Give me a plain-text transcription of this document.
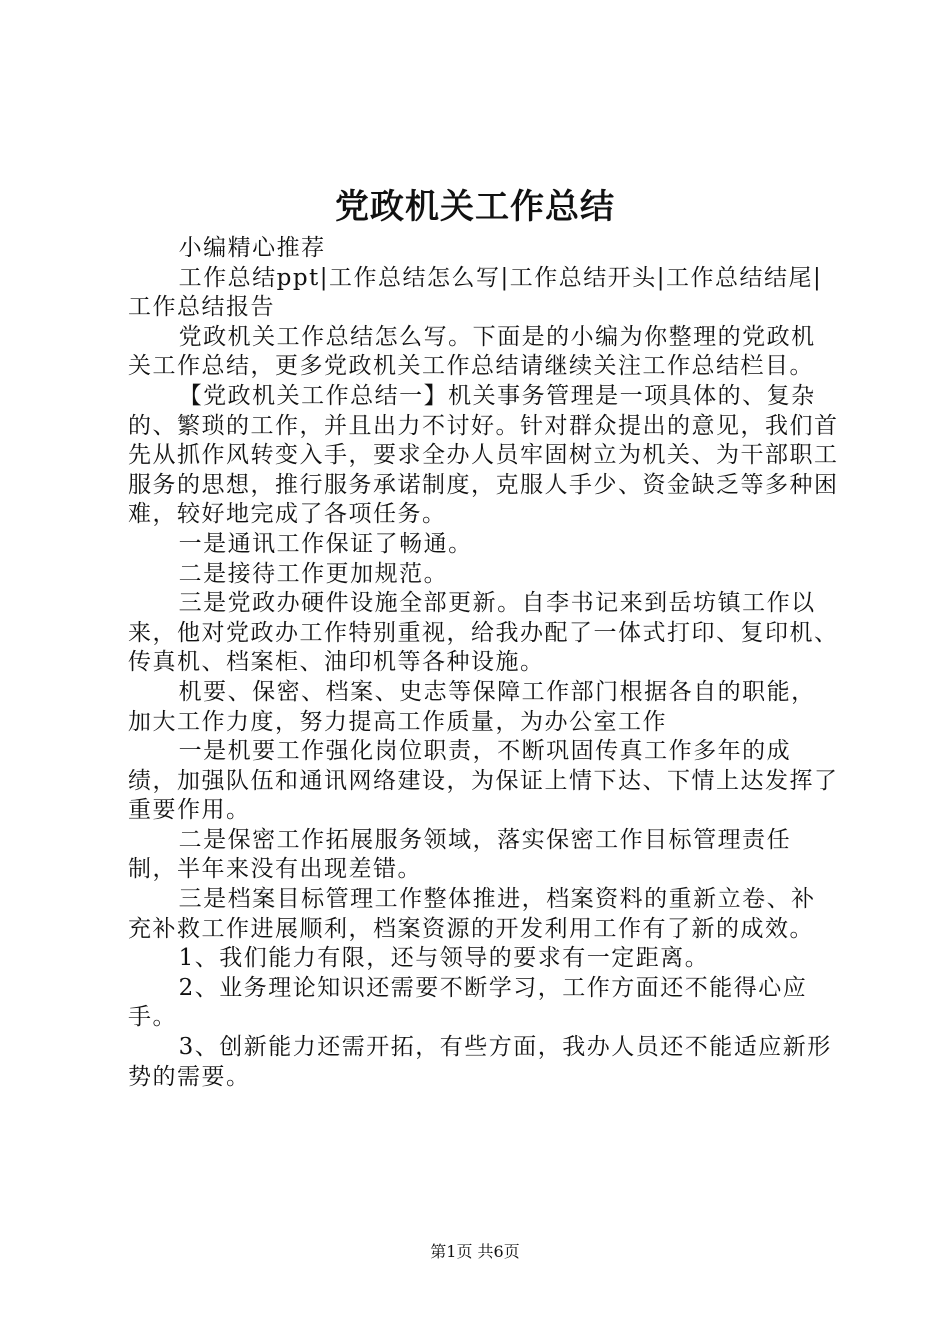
党政机关工作总结

小编精心推荐

工作总结ppt|工作总结怎么写|工作总结开头|工作总结结尾|工作总结报告

党政机关工作总结怎么写。下面是的小编为你整理的党政机关工作总结，更多党政机关工作总结请继续关注工作总结栏目。

【党政机关工作总结一】机关事务管理是一项具体的、复杂的、繁琐的工作，并且出力不讨好。针对群众提出的意见，我们首先从抓作风转变入手，要求全办人员牢固树立为机关、为干部职工服务的思想，推行服务承诺制度，克服人手少、资金缺乏等多种困难，较好地完成了各项任务。

一是通讯工作保证了畅通。

二是接待工作更加规范。

三是党政办硬件设施全部更新。自李书记来到岳坊镇工作以来，他对党政办工作特别重视，给我办配了一体式打印、复印机、传真机、档案柜、油印机等各种设施。

机要、保密、档案、史志等保障工作部门根据各自的职能，加大工作力度，努力提高工作质量，为办公室工作

一是机要工作强化岗位职责，不断巩固传真工作多年的成绩，加强队伍和通讯网络建设，为保证上情下达、下情上达发挥了重要作用。

二是保密工作拓展服务领域，落实保密工作目标管理责任制，半年来没有出现差错。

三是档案目标管理工作整体推进，档案资料的重新立卷、补充补救工作进展顺利，档案资源的开发利用工作有了新的成效。

1、我们能力有限，还与领导的要求有一定距离。

2、业务理论知识还需要不断学习，工作方面还不能得心应手。

3、创新能力还需开拓，有些方面，我办人员还不能适应新形势的需要。

第1页 共6页
